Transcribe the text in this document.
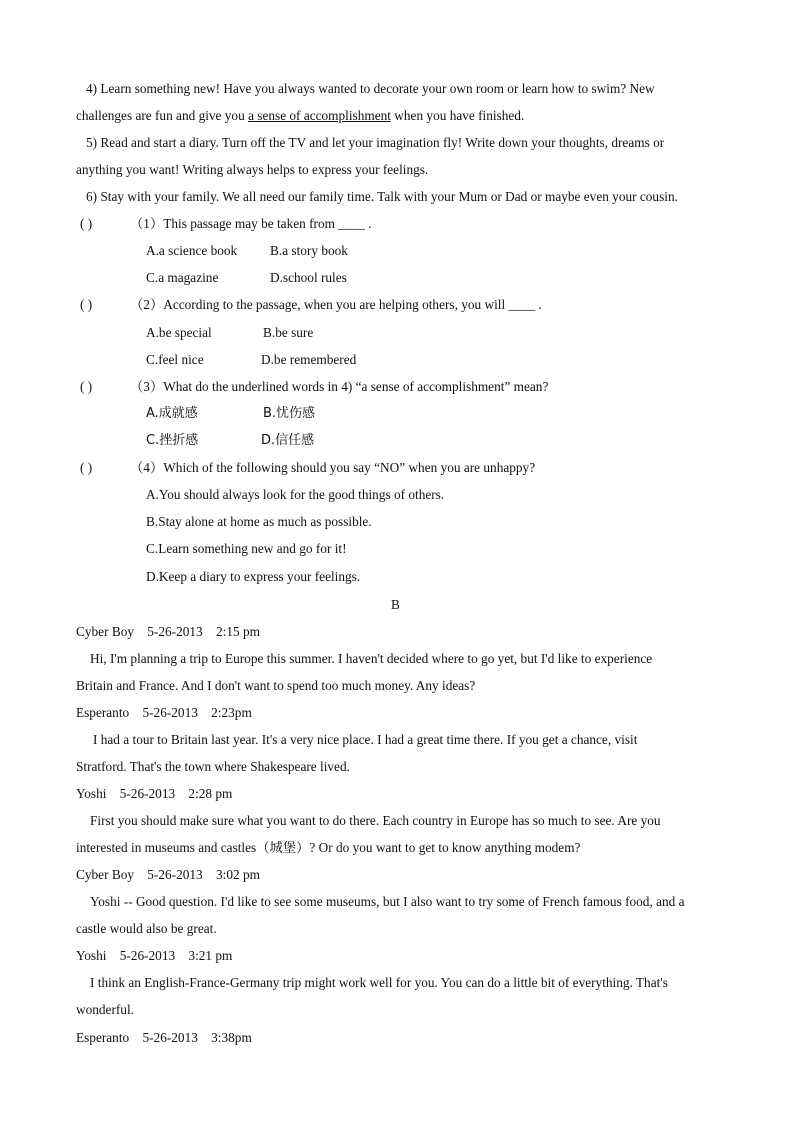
4) Learn something new! Have you always wanted to decorate your own room or learn how to swim? New
challenges are fun and give you a sense of accomplishment when you have finished.
5) Read and start a diary. Turn off the TV and let your imagination fly! Write down your thoughts, dreams or
anything you want! Writing always helps to express your feelings.
6) Stay with your family. We all need our family time. Talk with your Mum or Dad or maybe even your cousin.
( )	（1）This passage may be taken from ____ .
A.a science book B.a story book
C.a magazine	D.school rules
( )	（2）According to the passage, when you are helping others, you will ____ .
A.be special	B.be sure
C.feel nice	D.be remembered
( )	（3）What do the underlined words in 4) “a sense of accomplishment” mean?
A.成就感	B.忧伤感
C.挫折感	D.信任感
( )	（4）Which of the following should you say “NO” when you are unhappy?
A.You should always look for the good things of others.
B.Stay alone at home as much as possible.
C.Learn something new and go for it!
D.Keep a diary to express your feelings.
B
Cyber Boy    5-26-2013    2:15 pm
Hi, I'm planning a trip to Europe this summer. I haven't decided where to go yet, but I'd like to experience
Britain and France. And I don't want to spend too much money. Any ideas?
Esperanto    5-26-2013    2:23pm
I had a tour to Britain last year. It's a very nice place. I had a great time there. If you get a chance, visit
Stratford. That's the town where Shakespeare lived.
Yoshi    5-26-2013    2:28 pm
First you should make sure what you want to do there. Each country in Europe has so much to see. Are you
interested in museums and castles（城堡）? Or do you want to get to know anything modem?
Cyber Boy    5-26-2013    3:02 pm
Yoshi -- Good question. I'd like to see some museums, but I also want to try some of French famous food, and a
castle would also be great.
Yoshi    5-26-2013    3:21 pm
I think an English-France-Germany trip might work well for you. You can do a little bit of everything. That's
wonderful.
Esperanto    5-26-2013    3:38pm
